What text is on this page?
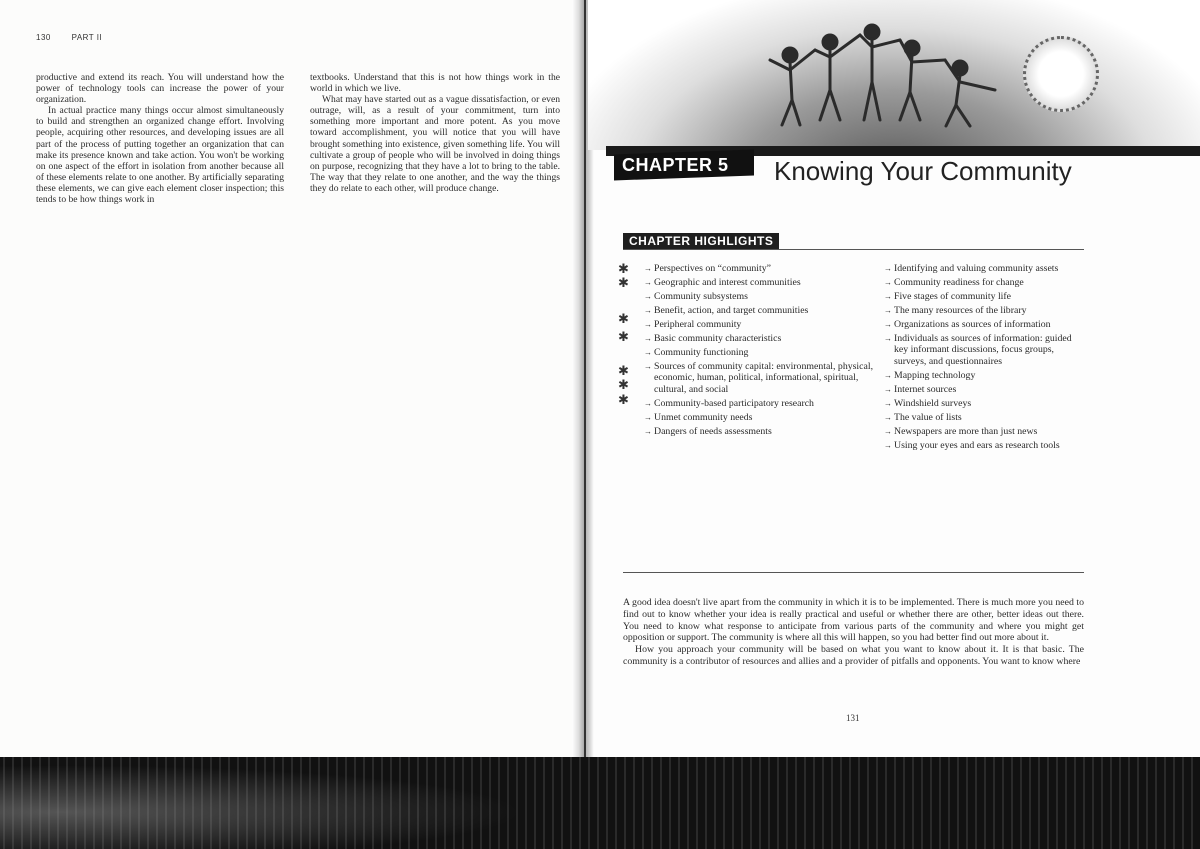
130	PART II

productive and extend its reach. You will understand how the power of technology tools can increase the power of your organization.

In actual practice many things occur almost simultaneously to build and strengthen an organized change effort. Involving people, acquiring other resources, and developing issues are all part of the process of putting together an organization that can make its presence known and take action. You won't be working on one aspect of the effort in isolation from another because all of these elements relate to one another. By artificially separating these elements, we can give each element closer inspection; this tends to be how things work in

textbooks. Understand that this is not how things work in the world in which we live.

What may have started out as a vague dissatisfaction, or even outrage, will, as a result of your commitment, turn into something more important and more potent. As you move toward accomplishment, you will notice that you will have brought something into existence, given something life. You will cultivate a group of people who will be involved in doing things on purpose, recognizing that they have a lot to bring to the table. The way that they relate to one another, and the way the things they do relate to each other, will produce change.

CHAPTER 5 Knowing Your Community
CHAPTER HIGHLIGHTS
✱
✱
✱
✱
✱
✱
✱
→ Perspectives on “community”
→ Geographic and interest communities
→ Community subsystems
→ Benefit, action, and target communities
→ Peripheral community
→ Basic community characteristics
→ Community functioning
→ Sources of community capital: environmental, physical, economic, human, political, informational, spiritual, cultural, and social
→ Community-based participatory research
→ Unmet community needs
→ Dangers of needs assessments
→ Identifying and valuing community assets
→ Community readiness for change
→ Five stages of community life
→ The many resources of the library
→ Organizations as sources of information
→ Individuals as sources of information: guided key informant discussions, focus groups, surveys, and questionnaires
→ Mapping technology
→ Internet sources
→ Windshield surveys
→ The value of lists
→ Newspapers are more than just news
→ Using your eyes and ears as research tools

A good idea doesn't live apart from the community in which it is to be implemented. There is much more you need to find out to know whether your idea is really practical and useful or whether there are other, better ideas out there. You need to know what response to anticipate from various parts of the community and where you might get opposition or support. The community is where all this will happen, so you had better find out more about it.

How you approach your community will be based on what you want to know about it. It is that basic. The community is a contributor of resources and allies and a provider of pitfalls and opponents. You want to know where

131
